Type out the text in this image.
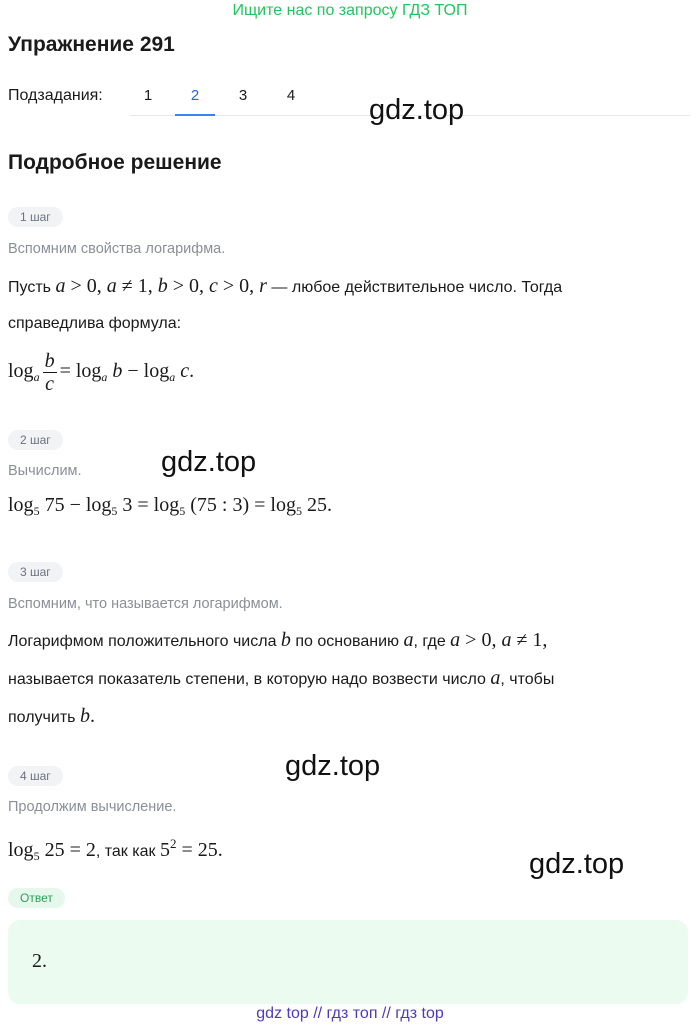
Ищите нас по запросу ГДЗ ТОП
Упражнение 291
Подзадания:	1	2	3	4	gdz.top
Подробное решение
1 шаг
Вспомним свойства логарифма.
Пусть a > 0, a ≠ 1, b > 0, c > 0, r — любое действительное число. Тогда
справедлива формула:
$\log_a \frac{b}{c} = \log_a b - \log_a c$.
2 шаг
Вычислим.	gdz.top
$\log_5 75 - \log_5 3 = \log_5 (75$ : $3) = \log_5 25$.
3 шаг
Вспомним, что называется логарифмом.
Логарифмом положительного числа b по основанию a, где a > 0, a ≠ 1,
называется показатель степени, в которую надо возвести число a, чтобы
получить b.
gdz.top
4 шаг
Продолжим вычисление.
$\log_5 25 = 2$, так как $5^2 = 25$.	gdz.top
Ответ
2.
gdz top // гдз топ // гдз top
